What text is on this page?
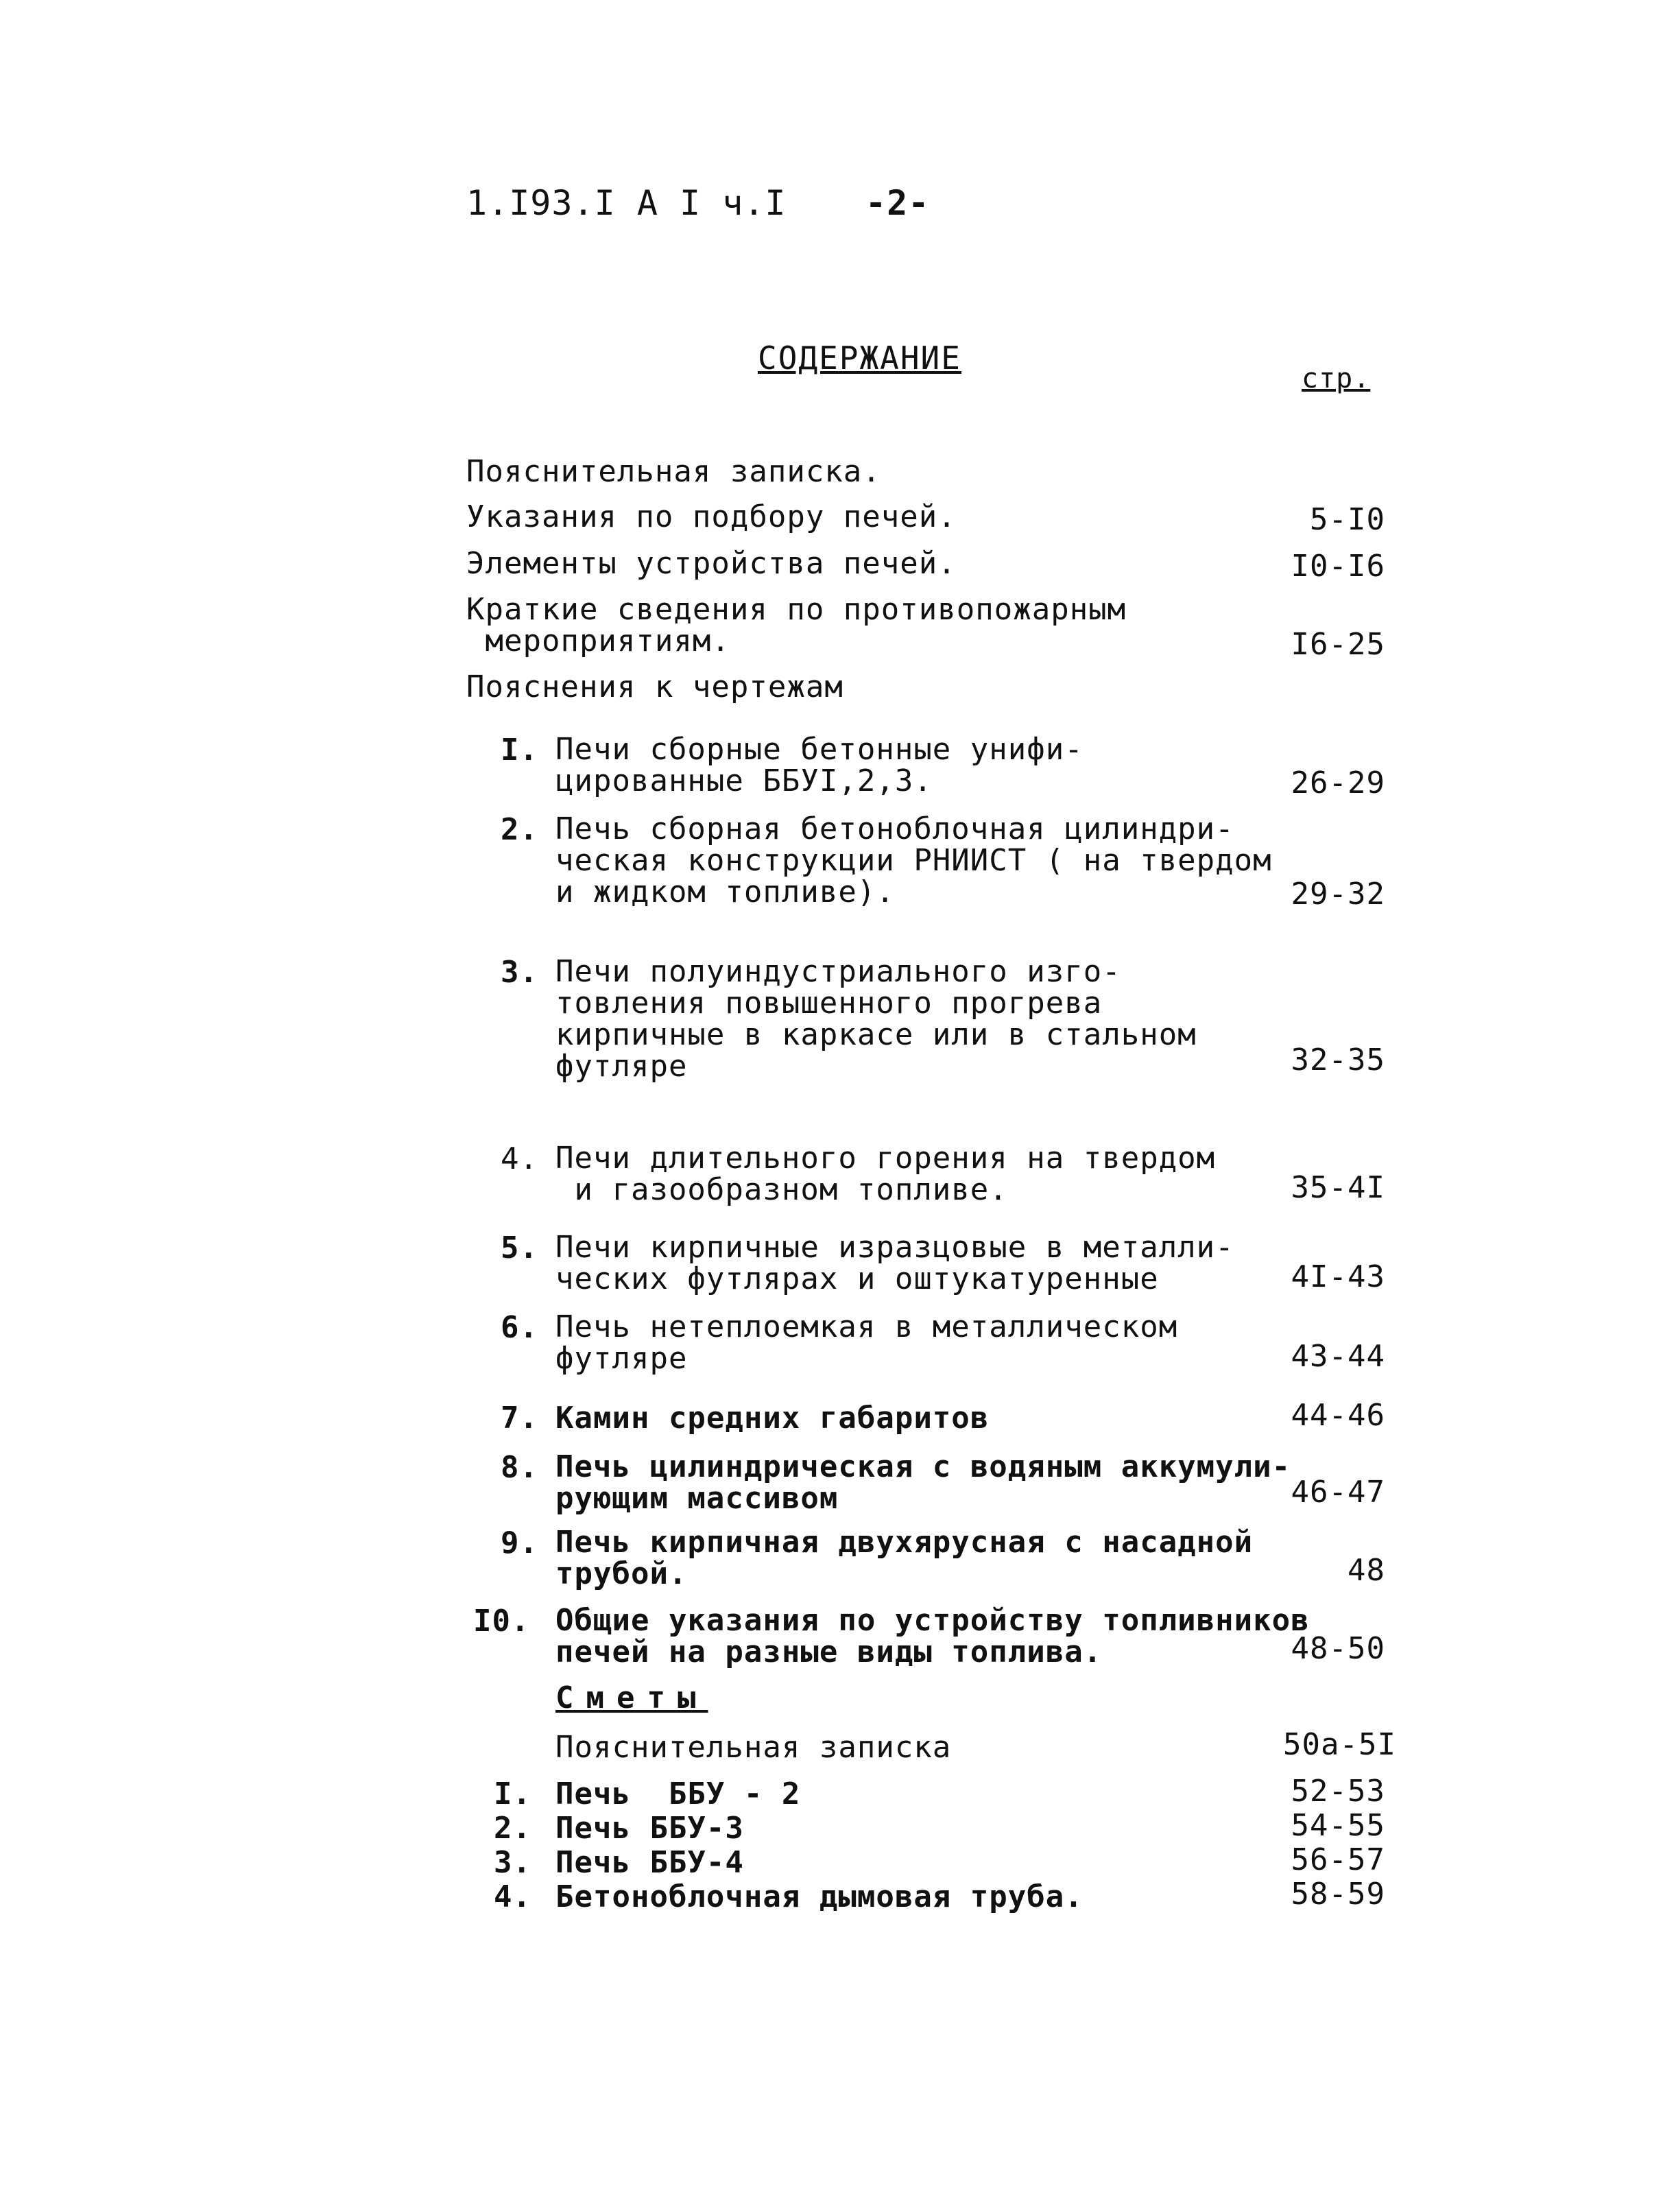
1.I93.I А I ч.I -2-
СОДЕРЖАНИЕ
стр.
Пояснительная записка.
Указания по подбору печей.	5-I0
Элементы устройства печей.	I0-I6
Краткие сведения по противопожарным
мероприятиям.	I6-25
Пояснения к чертежам
I. Печи сборные бетонные унифи-
цированные ББУI,2,3.	26-29
2. Печь сборная бетоноблочная цилиндри-
ческая конструкции РНИИСТ ( на твердом
и жидком топливе).	29-32
3. Печи полуиндустриального изго-
товления повышенного прогрева
кирпичные в каркасе или в стальном
футляре	32-35
4. Печи длительного горения на твердом
и газообразном топливе.	35-4I
5. Печи кирпичные изразцовые в металли-
ческих футлярах и оштукатуренные	4I-43
6. Печь нетеплоемкая в металлическом
футляре	43-44
7. Камин средних габаритов	44-46
8. Печь цилиндрическая с водяным аккумули-
рующим массивом	46-47
9. Печь кирпичная двухярусная с насадной
трубой.	48
I0. Общие указания по устройству топливников
печей на разные виды топлива.	48-50
Сметы
Пояснительная записка	50а-5I
I. Печь  ББУ - 2	52-53
2. Печь ББУ-3	54-55
3. Печь ББУ-4	56-57
4. Бетоноблочная дымовая труба.	58-59
